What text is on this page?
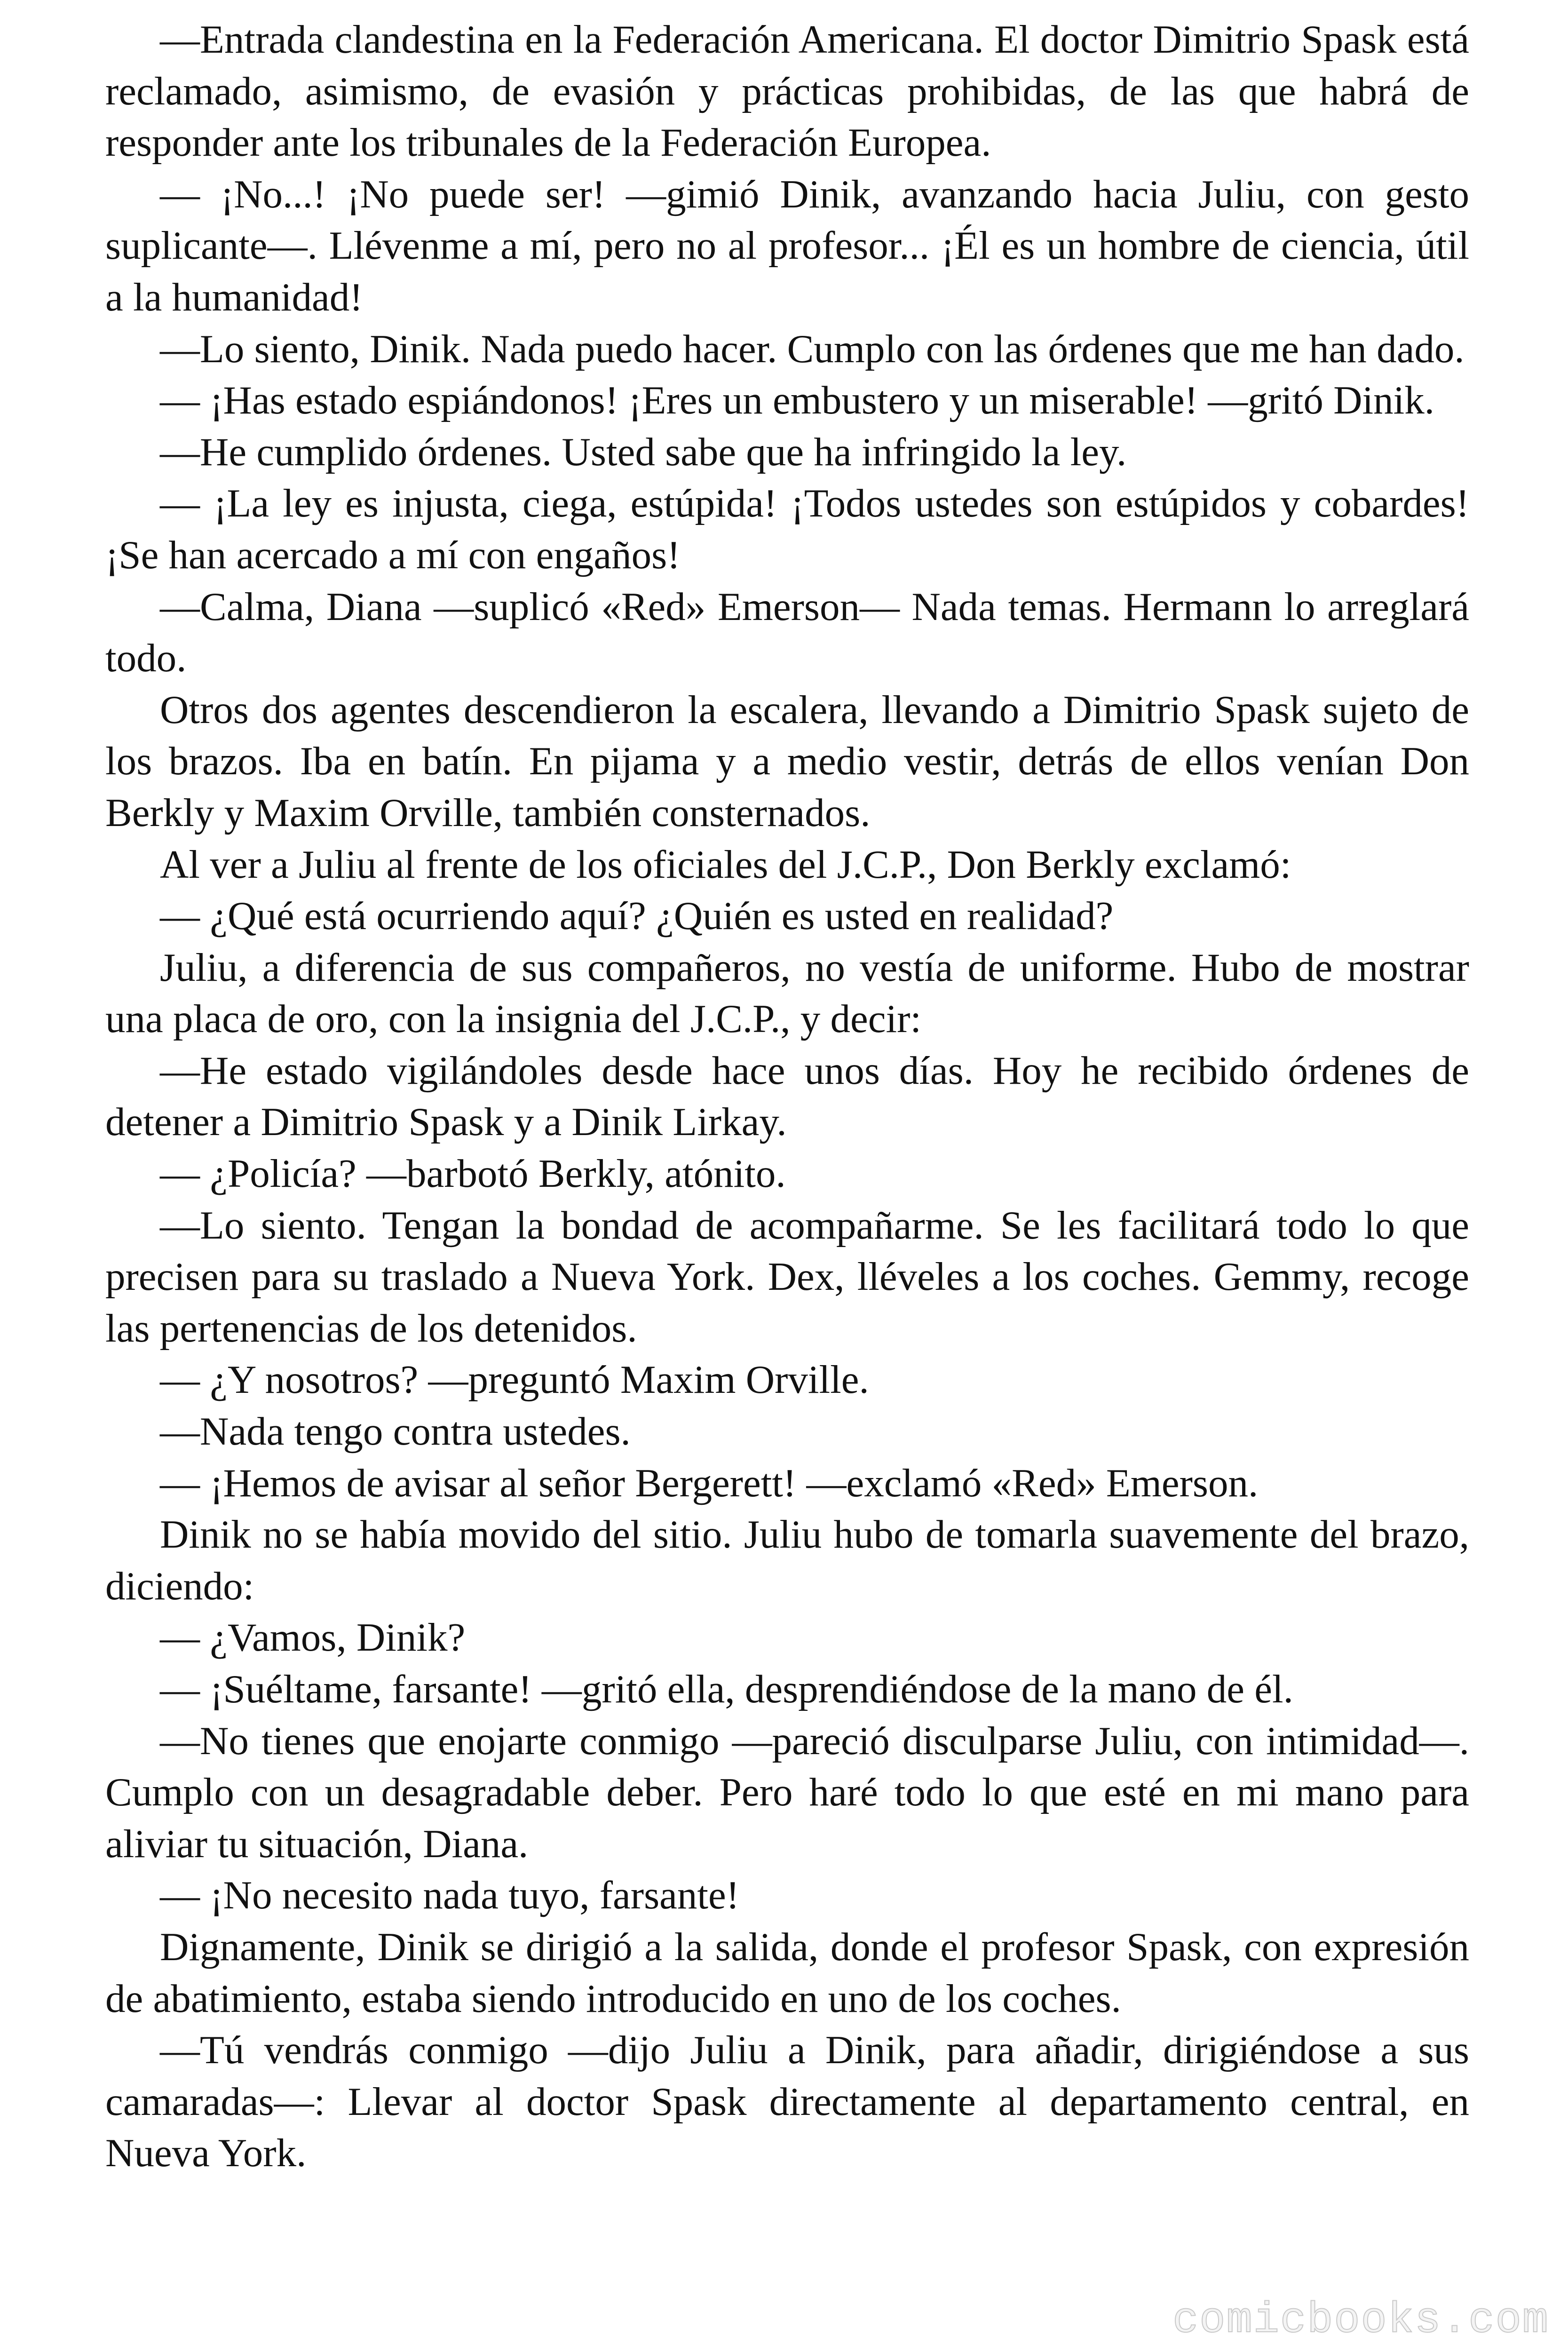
—Entrada clandestina en la Federación Americana. El doctor Dimitrio Spask está reclamado, asimismo, de evasión y prácticas prohibidas, de las que habrá de responder ante los tribunales de la Federación Europea.

— ¡No...! ¡No puede ser! —gimió Dinik, avanzando hacia Juliu, con gesto suplicante—. Llévenme a mí, pero no al profesor... ¡Él es un hombre de ciencia, útil a la humanidad!

—Lo siento, Dinik. Nada puedo hacer. Cumplo con las órdenes que me han dado.

— ¡Has estado espiándonos! ¡Eres un embustero y un miserable! —gritó Dinik.

—He cumplido órdenes. Usted sabe que ha infringido la ley.

— ¡La ley es injusta, ciega, estúpida! ¡Todos ustedes son estúpidos y cobardes! ¡Se han acercado a mí con engaños!

—Calma, Diana —suplicó «Red» Emerson— Nada temas. Hermann lo arreglará todo.

Otros dos agentes descendieron la escalera, llevando a Dimitrio Spask sujeto de los brazos. Iba en batín. En pijama y a medio vestir, detrás de ellos venían Don Berkly y Maxim Orville, también consternados.

Al ver a Juliu al frente de los oficiales del J.C.P., Don Berkly exclamó:

— ¿Qué está ocurriendo aquí? ¿Quién es usted en realidad?

Juliu, a diferencia de sus compañeros, no vestía de uniforme. Hubo de mostrar una placa de oro, con la insignia del J.C.P., y decir:

—He estado vigilándoles desde hace unos días. Hoy he recibido órdenes de detener a Dimitrio Spask y a Dinik Lirkay.

— ¿Policía? —barbotó Berkly, atónito.

—Lo siento. Tengan la bondad de acompañarme. Se les facilitará todo lo que precisen para su traslado a Nueva York. Dex, lléveles a los coches. Gemmy, recoge las pertenencias de los detenidos.

— ¿Y nosotros? —preguntó Maxim Orville.

—Nada tengo contra ustedes.

— ¡Hemos de avisar al señor Bergerett! —exclamó «Red» Emerson.

Dinik no se había movido del sitio. Juliu hubo de tomarla suavemente del brazo, diciendo:

— ¿Vamos, Dinik?

— ¡Suéltame, farsante! —gritó ella, desprendiéndose de la mano de él.

—No tienes que enojarte conmigo —pareció disculparse Juliu, con intimidad—. Cumplo con un desagradable deber. Pero haré todo lo que esté en mi mano para aliviar tu situación, Diana.

— ¡No necesito nada tuyo, farsante!

Dignamente, Dinik se dirigió a la salida, donde el profesor Spask, con expresión de abatimiento, estaba siendo introducido en uno de los coches.

—Tú vendrás conmigo —dijo Juliu a Dinik, para añadir, dirigiéndose a sus camaradas—: Llevar al doctor Spask directamente al departamento central, en Nueva York.

comicbooks.com
